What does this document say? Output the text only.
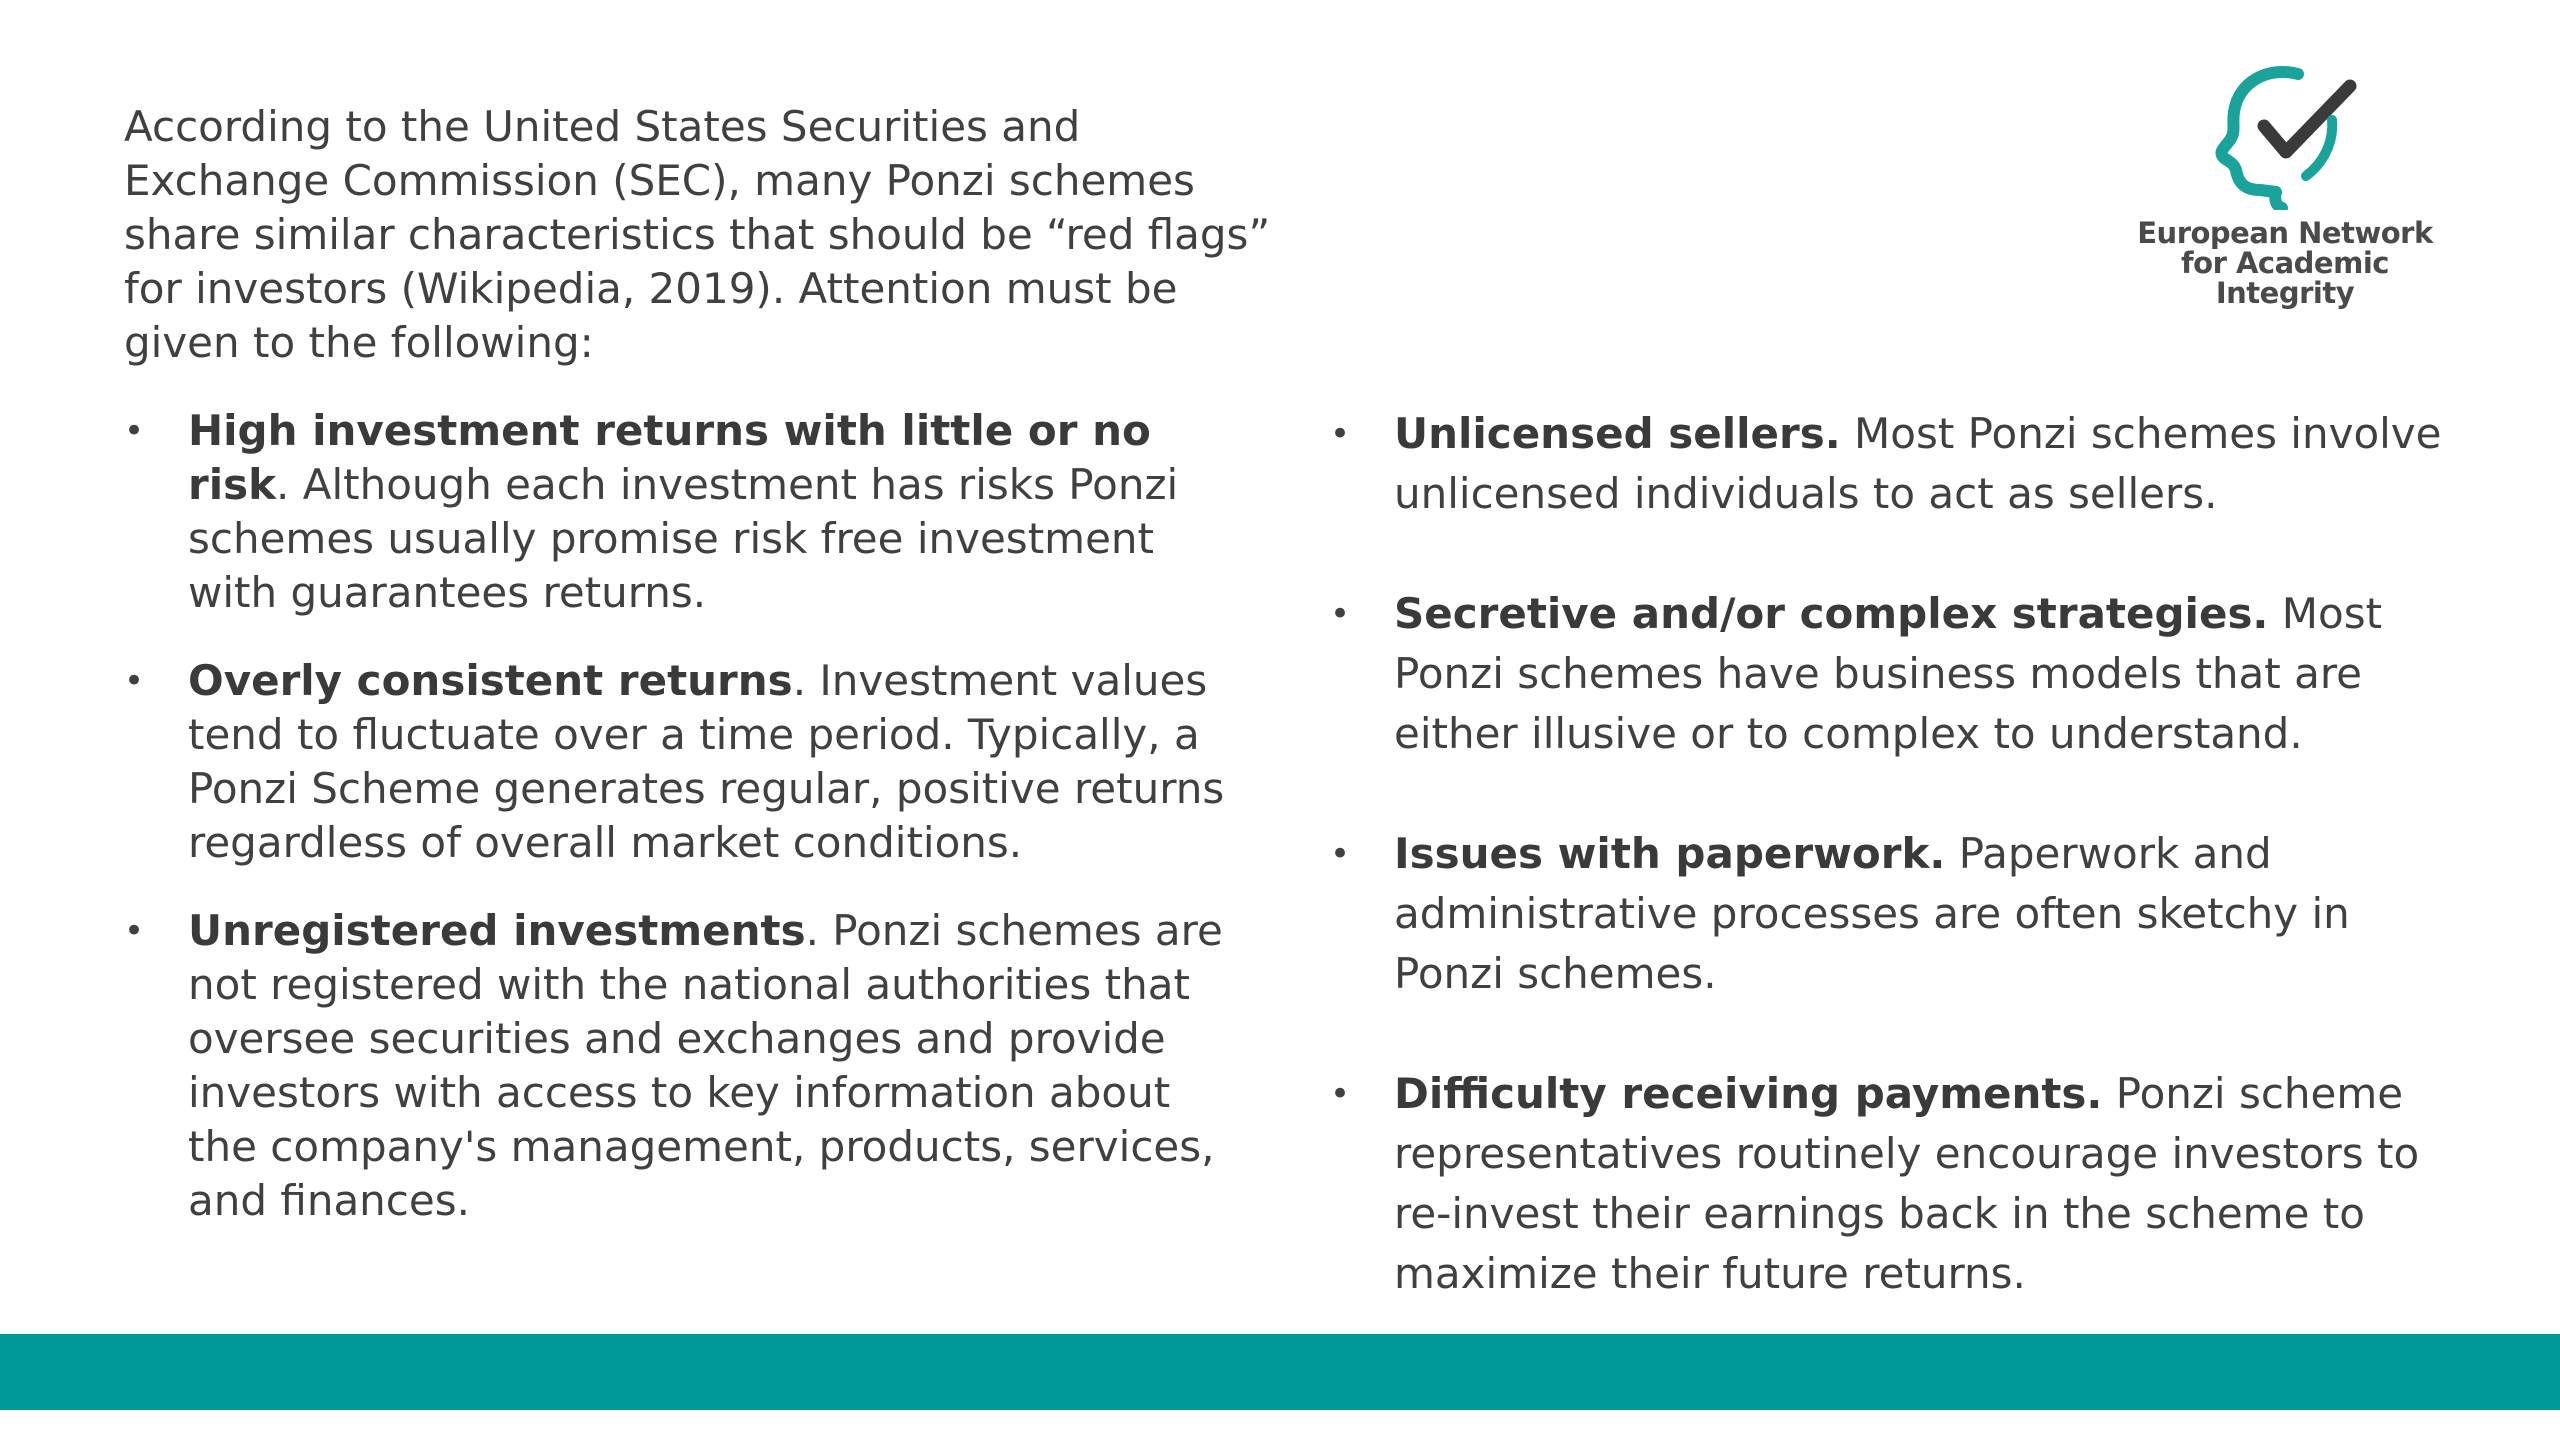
According to the United States Securities and Exchange Commission (SEC), many Ponzi schemes share similar characteristics that should be “red flags” for investors (Wikipedia, 2019). Attention must be given to the following:

• High investment returns with little or no risk. Although each investment has risks Ponzi schemes usually promise risk free investment with guarantees returns.
• Overly consistent returns. Investment values tend to fluctuate over a time period. Typically, a Ponzi Scheme generates regular, positive returns regardless of overall market conditions.
• Unregistered investments. Ponzi schemes are not registered with the national authorities that oversee securities and exchanges and provide investors with access to key information about the company's management, products, services, and finances.
• Unlicensed sellers. Most Ponzi schemes involve unlicensed individuals to act as sellers.
• Secretive and/or complex strategies. Most Ponzi schemes have business models that are either illusive or to complex to understand.
• Issues with paperwork. Paperwork and administrative processes are often sketchy in Ponzi schemes.
• Difficulty receiving payments. Ponzi scheme representatives routinely encourage investors to re-invest their earnings back in the scheme to maximize their future returns.
European Network
for Academic
Integrity
